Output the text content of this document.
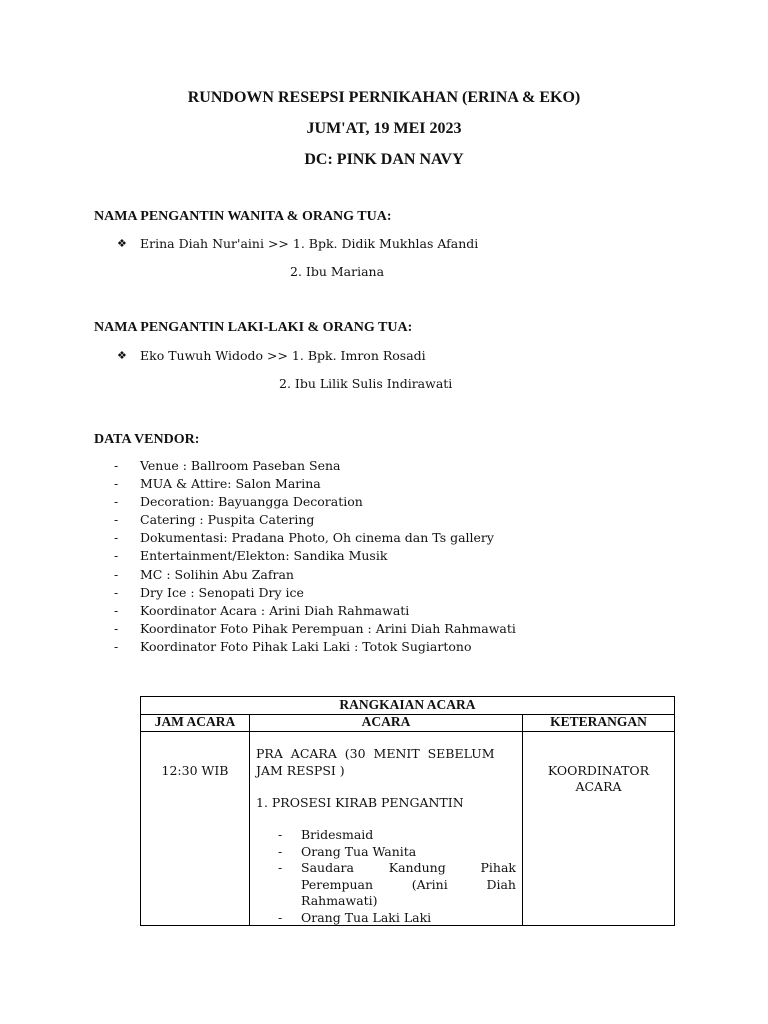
RUNDOWN RESEPSI PERNIKAHAN (ERINA & EKO)
JUM'AT, 19 MEI 2023
DC: PINK DAN NAVY
NAMA PENGANTIN WANITA & ORANG TUA:
❖ Erina Diah Nur'aini >> 1. Bpk. Didik Mukhlas Afandi
2. Ibu Mariana
NAMA PENGANTIN LAKI-LAKI & ORANG TUA:
❖ Eko Tuwuh Widodo >> 1. Bpk. Imron Rosadi
2. Ibu Lilik Sulis Indirawati
DATA VENDOR:
- Venue : Ballroom Paseban Sena
- MUA & Attire: Salon Marina
- Decoration: Bayuangga Decoration
- Catering : Puspita Catering
- Dokumentasi: Pradana Photo, Oh cinema dan Ts gallery
- Entertainment/Elekton: Sandika Musik
- MC : Solihin Abu Zafran
- Dry Ice : Senopati Dry ice
- Koordinator Acara : Arini Diah Rahmawati
- Koordinator Foto Pihak Perempuan : Arini Diah Rahmawati
- Koordinator Foto Pihak Laki Laki : Totok Sugiartono
RANGKAIAN ACARA
JAM ACARA	ACARA	KETERANGAN
12:30 WIB
PRA  ACARA  (30  MENIT  SEBELUM
JAM RESPSI )
1. PROSESI KIRAB PENGANTIN
- Bridesmaid
- Orang Tua Wanita
- Saudara Kandung Pihak Perempuan (Arini Diah Rahmawati)
- Orang Tua Laki Laki
KOORDINATOR
ACARA
